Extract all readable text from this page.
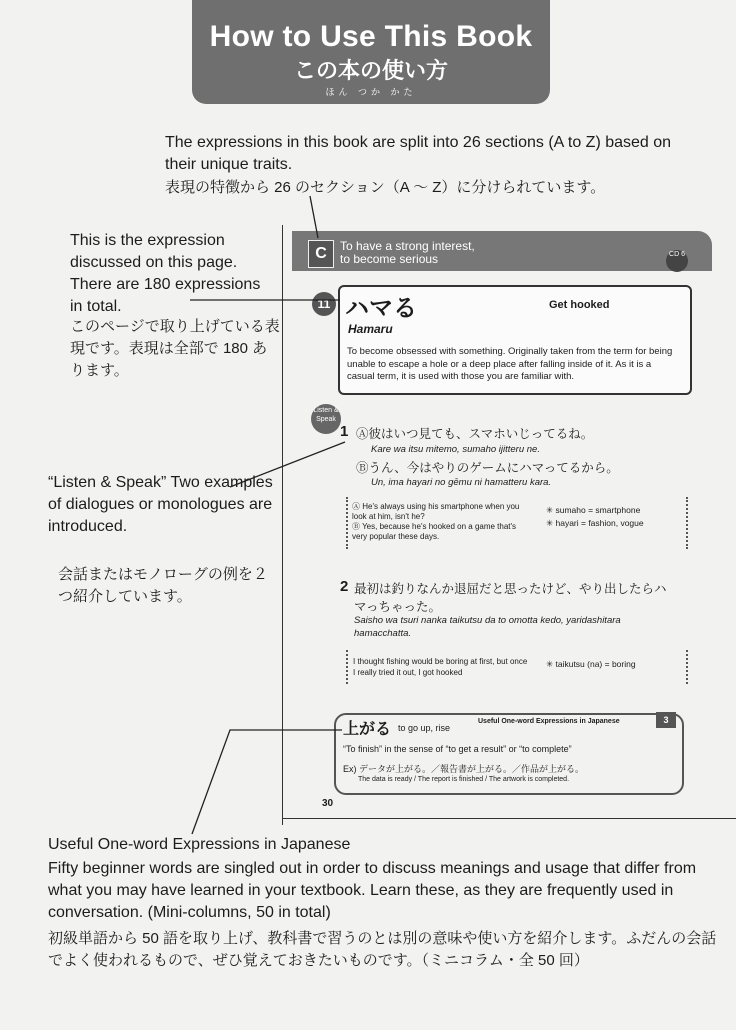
How to Use This Book
この本の使い方
ほん つか かた
The expressions in this book are split into 26 sections (A to Z) based on their unique traits.
表現の特徴から 26 のセクション（A 〜 Z）に分けられています。
This is the expression discussed on this page. There are 180 expressions in total.
このページで取り上げている表現です。表現は全部で 180 あります。
“Listen & Speak” Two examples of dialogues or monologues are introduced.
会話またはモノローグの例を２つ紹介しています。
C	To have a strong interest,
to become serious	CD 6
11 ハマる
Hamaru
Get hooked
To become obsessed with something. Originally taken from the term for being unable to escape a hole or a deep place after falling inside of it. As it is a casual term, it is used with those you are familiar with.
Listen & Speak
1 Ⓐ彼はいつ見ても、スマホいじってるね。
Kare wa itsu mitemo, sumaho ijitteru ne.
Ⓑうん、今はやりのゲームにハマってるから。
Un, ima hayari no gēmu ni hamatteru kara.
Ⓐ He's always using his smartphone when you look at him, isn't he?
Ⓑ Yes, because he's hooked on a game that's very popular these days.
✳ sumaho = smartphone
✳ hayari = fashion, vogue
2 最初は釣りなんか退屈だと思ったけど、やり出したらハマっちゃった。
Saisho wa tsuri nanka taikutsu da to omotta kedo, yaridashitara hamacchatta.
I thought fishing would be boring at first, but once I really tried it out, I got hooked
✳ taikutsu (na) = boring
上がる to go up, rise
Useful One-word Expressions in Japanese	3
“To finish” in the sense of “to get a result” or “to complete”
Ex) データが上がる。／報告書が上がる。／作品が上がる。
The data is ready / The report is finished / The artwork is completed.
30
Useful One-word Expressions in Japanese
Fifty beginner words are singled out in order to discuss meanings and usage that differ from what you may have learned in your textbook. Learn these, as they are frequently used in conversation. (Mini-columns, 50 in total)
初級単語から 50 語を取り上げ、教科書で習うのとは別の意味や使い方を紹介します。ふだんの会話でよく使われるもので、ぜひ覚えておきたいものです。（ミニコラム・全 50 回）
